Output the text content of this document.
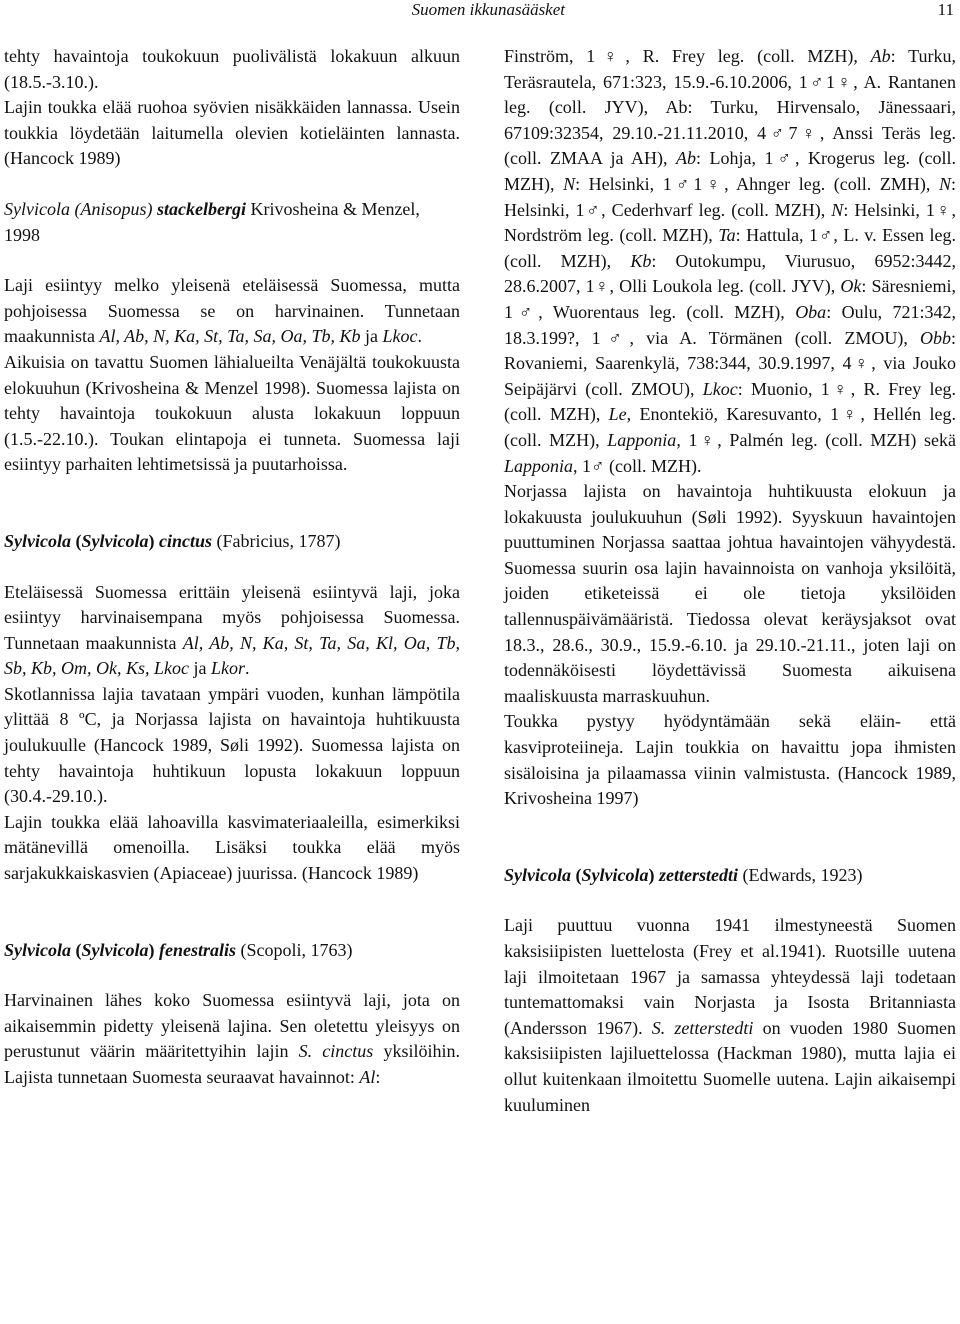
Suomen ikkunasääsket	11

tehty havaintoja toukokuun puolivälistä lokakuun alkuun (18.5.-3.10.).

Lajin toukka elää ruohoa syövien nisäkkäiden lannassa. Usein toukkia löydetään laitumella olevien kotieläinten lannasta. (Hancock 1989)

Sylvicola (Anisopus) stackelbergi Krivosheina & Menzel, 1998

Laji esiintyy melko yleisenä eteläisessä Suomessa, mutta pohjoisessa Suomessa se on harvinainen. Tunnetaan maakunnista Al, Ab, N, Ka, St, Ta, Sa, Oa, Tb, Kb ja Lkoc.

Aikuisia on tavattu Suomen lähialueilta Venäjältä toukokuusta elokuuhun (Krivosheina & Menzel 1998). Suomessa lajista on tehty havaintoja toukokuun alusta lokakuun loppuun (1.5.-22.10.). Toukan elintapoja ei tunneta. Suomessa laji esiintyy parhaiten lehtimetsissä ja puutarhoissa.

Sylvicola (Sylvicola) cinctus (Fabricius, 1787)

Eteläisessä Suomessa erittäin yleisenä esiintyvä laji, joka esiintyy harvinaisempana myös pohjoisessa Suomessa. Tunnetaan maakunnista Al, Ab, N, Ka, St, Ta, Sa, Kl, Oa, Tb, Sb, Kb, Om, Ok, Ks, Lkoc ja Lkor.

Skotlannissa lajia tavataan ympäri vuoden, kunhan lämpötila ylittää 8 ºC, ja Norjassa lajista on havaintoja huhtikuusta joulukuulle (Hancock 1989, Søli 1992). Suomessa lajista on tehty havaintoja huhtikuun lopusta lokakuun loppuun (30.4.-29.10.).

Lajin toukka elää lahoavilla kasvimateriaaleilla, esimerkiksi mätänevillä omenoilla. Lisäksi toukka elää myös sarjakukkaiskasvien (Apiaceae) juurissa. (Hancock 1989)

Sylvicola (Sylvicola) fenestralis (Scopoli, 1763)

Harvinainen lähes koko Suomessa esiintyvä laji, jota on aikaisemmin pidetty yleisenä lajina. Sen oletettu yleisyys on perustunut väärin määritettyihin lajin S. cinctus yksilöihin. Lajista tunnetaan Suomesta seuraavat havainnot: Al:

Finström, 1♀, R. Frey leg. (coll. MZH), Ab: Turku, Teräsrautela, 671:323, 15.9.-6.10.2006, 1♂1♀, A. Rantanen leg. (coll. JYV), Ab: Turku, Hirvensalo, Jänessaari, 67109:32354, 29.10.-21.11.2010, 4♂7♀, Anssi Teräs leg. (coll. ZMAA ja AH), Ab: Lohja, 1♂, Krogerus leg. (coll. MZH), N: Helsinki, 1♂1♀, Ahnger leg. (coll. ZMH), N: Helsinki, 1♂, Cederhvarf leg. (coll. MZH), N: Helsinki, 1♀, Nordström leg. (coll. MZH), Ta: Hattula, 1♂, L. v. Essen leg. (coll. MZH), Kb: Outokumpu, Viurusuo, 6952:3442, 28.6.2007, 1♀, Olli Loukola leg. (coll. JYV), Ok: Säresniemi, 1♂, Wuorentaus leg. (coll. MZH), Oba: Oulu, 721:342, 18.3.199?, 1♂, via A. Törmänen (coll. ZMOU), Obb: Rovaniemi, Saarenkylä, 738:344, 30.9.1997, 4♀, via Jouko Seipäjärvi (coll. ZMOU), Lkoc: Muonio, 1♀, R. Frey leg. (coll. MZH), Le, Enontekiö, Karesuvanto, 1♀, Hellén leg. (coll. MZH), Lapponia, 1♀, Palmén leg. (coll. MZH) sekä Lapponia, 1♂ (coll. MZH).

Norjassa lajista on havaintoja huhtikuusta elokuun ja lokakuusta joulukuuhun (Søli 1992). Syyskuun havaintojen puuttuminen Norjassa saattaa johtua havaintojen vähyydestä. Suomessa suurin osa lajin havainnoista on vanhoja yksilöitä, joiden etiketeissä ei ole tietoja yksilöiden tallennuspäivämääristä. Tiedossa olevat keräysjaksot ovat 18.3., 28.6., 30.9., 15.9.-6.10. ja 29.10.-21.11., joten laji on todennäköisesti löydettävissä Suomesta aikuisena maaliskuusta marraskuuhun.

Toukka pystyy hyödyntämään sekä eläin- että kasviproteiineja. Lajin toukkia on havaittu jopa ihmisten sisäloisina ja pilaamassa viinin valmistusta. (Hancock 1989, Krivosheina 1997)

Sylvicola (Sylvicola) zetterstedti (Edwards, 1923)

Laji puuttuu vuonna 1941 ilmestyneestä Suomen kaksisiipisten luettelosta (Frey et al.1941). Ruotsille uutena laji ilmoitetaan 1967 ja samassa yhteydessä laji todetaan tuntemattomaksi vain Norjasta ja Isosta Britanniasta (Andersson 1967). S. zetterstedti on vuoden 1980 Suomen kaksisiipisten lajiluettelossa (Hackman 1980), mutta lajia ei ollut kuitenkaan ilmoitettu Suomelle uutena. Lajin aikaisempi kuuluminen
